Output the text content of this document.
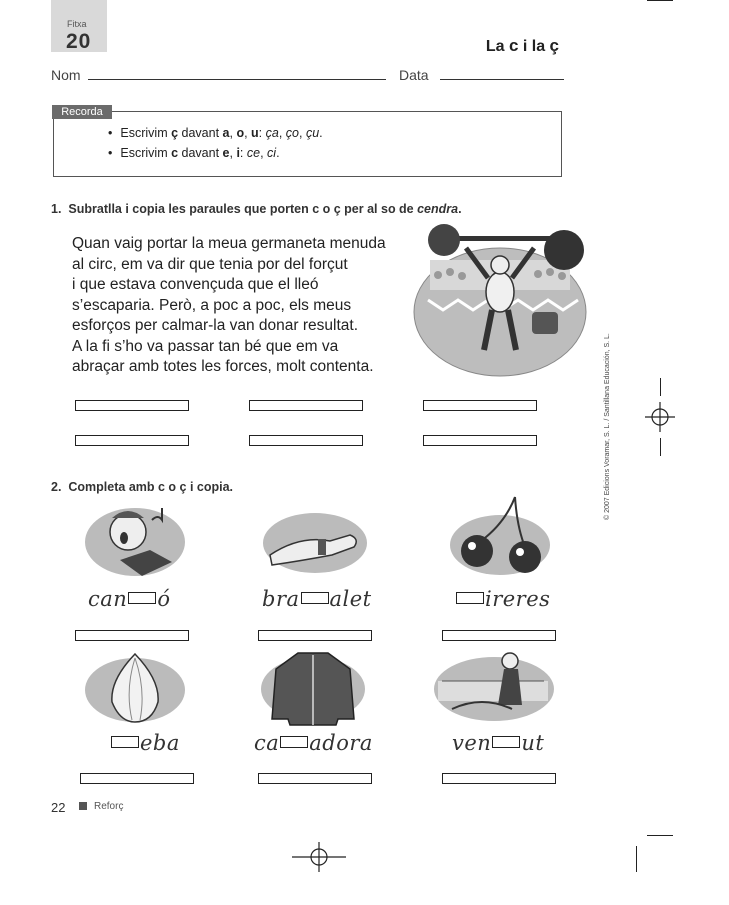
Fitxa
20	La c i la ç
Nom	Data
Recorda
• Escrivim ç davant a, o, u: ça, ço, çu.
• Escrivim c davant e, i: ce, ci.
1. Subratlla i copia les paraules que porten c o ç per al so de cendra.
Quan vaig portar la meua germaneta menuda
al circ, em va dir que tenia por del forçut
i que estava convençuda que el lleó
s’escaparia. Però, a poc a poc, els meus
esforços per calmar-la van donar resultat.
A la fi s’ho va passar tan bé que em va
abraçar amb totes les forces, molt contenta.	© 2007 Edicions Voramar, S. L. / Santillana Educación, S. L.
2. Completa amb c o ç i copia.
can ó	bra alet	ireres
eba	ca adora	ven ut
22	Reforç
